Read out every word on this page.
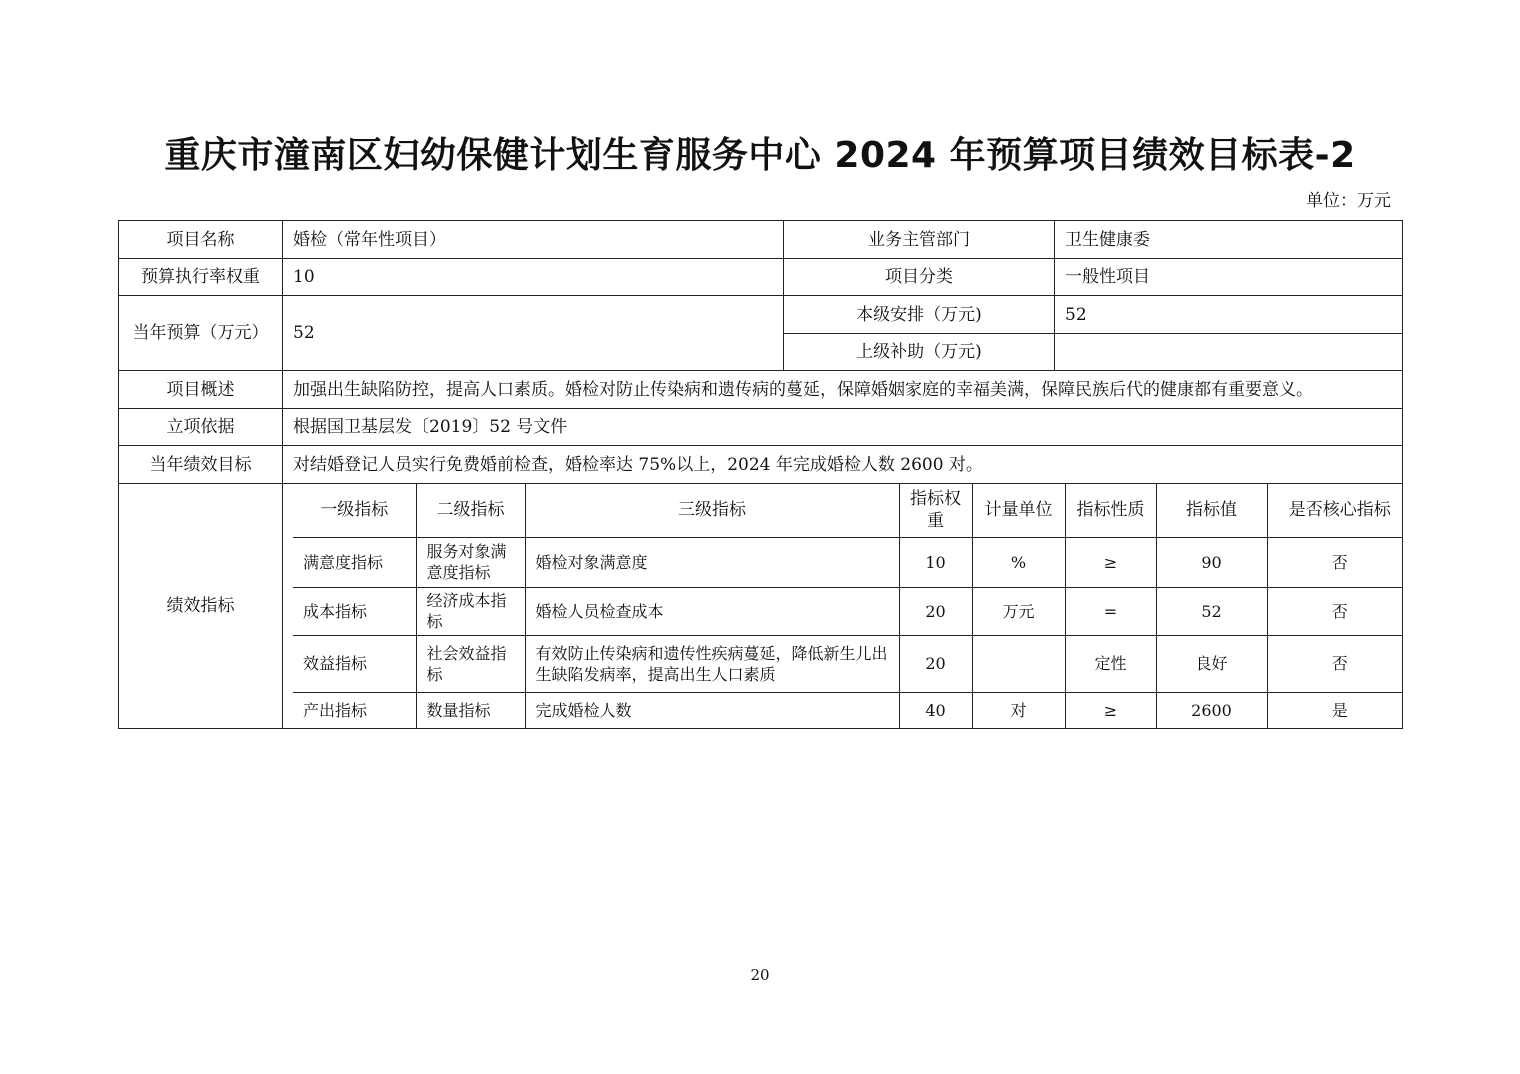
重庆市潼南区妇幼保健计划生育服务中心 2024 年预算项目绩效目标表-2
单位：万元
项目名称	婚检（常年性项目）	业务主管部门	卫生健康委
预算执行率权重	10	项目分类	一般性项目
当年预算（万元）	52	本级安排（万元)	52
上级补助（万元)	
项目概述	加强出生缺陷防控，提高人口素质。婚检对防止传染病和遗传病的蔓延，保障婚姻家庭的幸福美满，保障民族后代的健康都有重要意义。
立项依据	根据国卫基层发〔2019〕52 号文件
当年绩效目标	对结婚登记人员实行免费婚前检查，婚检率达 75%以上，2024 年完成婚检人数 2600 对。
绩效指标	
一级指标	二级指标	三级指标	指标权重	计量单位	指标性质	指标值	是否核心指标
满意度指标	服务对象满意度指标	婚检对象满意度	10	%	≥	90	否
成本指标	经济成本指标	婚检人员检查成本	20	万元	=	52	否
效益指标	社会效益指标	有效防止传染病和遗传性疾病蔓延，降低新生儿出生缺陷发病率，提高出生人口素质	20		定性	良好	否
产出指标	数量指标	完成婚检人数	40	对	≥	2600	是
20
